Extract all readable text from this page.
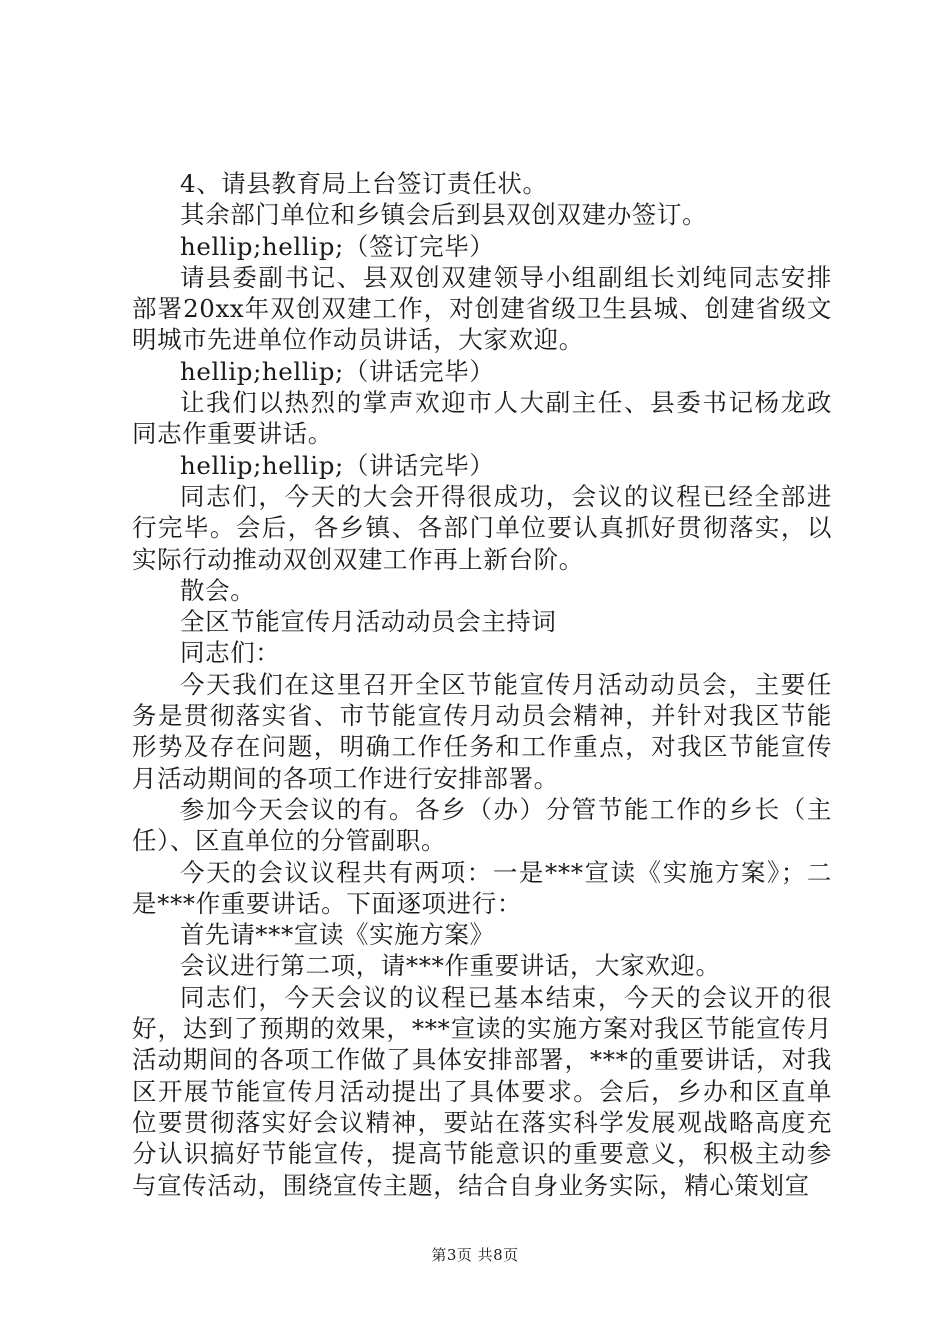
4、请县教育局上台签订责任状。

其余部门单位和乡镇会后到县双创双建办签订。

hellip;hellip;（签订完毕）

请县委副书记、县双创双建领导小组副组长刘纯同志安排部署20xx年双创双建工作，对创建省级卫生县城、创建省级文明城市先进单位作动员讲话，大家欢迎。

hellip;hellip;（讲话完毕）

让我们以热烈的掌声欢迎市人大副主任、县委书记杨龙政同志作重要讲话。

hellip;hellip;（讲话完毕）

同志们，今天的大会开得很成功，会议的议程已经全部进行完毕。会后，各乡镇、各部门单位要认真抓好贯彻落实，以实际行动推动双创双建工作再上新台阶。

散会。

全区节能宣传月活动动员会主持词

同志们：

今天我们在这里召开全区节能宣传月活动动员会，主要任务是贯彻落实省、市节能宣传月动员会精神，并针对我区节能形势及存在问题，明确工作任务和工作重点，对我区节能宣传月活动期间的各项工作进行安排部署。

参加今天会议的有。各乡（办）分管节能工作的乡长（主任）、区直单位的分管副职。

今天的会议议程共有两项：一是***宣读《实施方案》；二是***作重要讲话。下面逐项进行：

首先请***宣读《实施方案》

会议进行第二项，请***作重要讲话，大家欢迎。

同志们，今天会议的议程已基本结束，今天的会议开的很好，达到了预期的效果，***宣读的实施方案对我区节能宣传月活动期间的各项工作做了具体安排部署，***的重要讲话，对我区开展节能宣传月活动提出了具体要求。会后，乡办和区直单位要贯彻落实好会议精神，要站在落实科学发展观战略高度充分认识搞好节能宣传，提高节能意识的重要意义，积极主动参与宣传活动，围绕宣传主题，结合自身业务实际，精心策划宣

第3页 共8页
